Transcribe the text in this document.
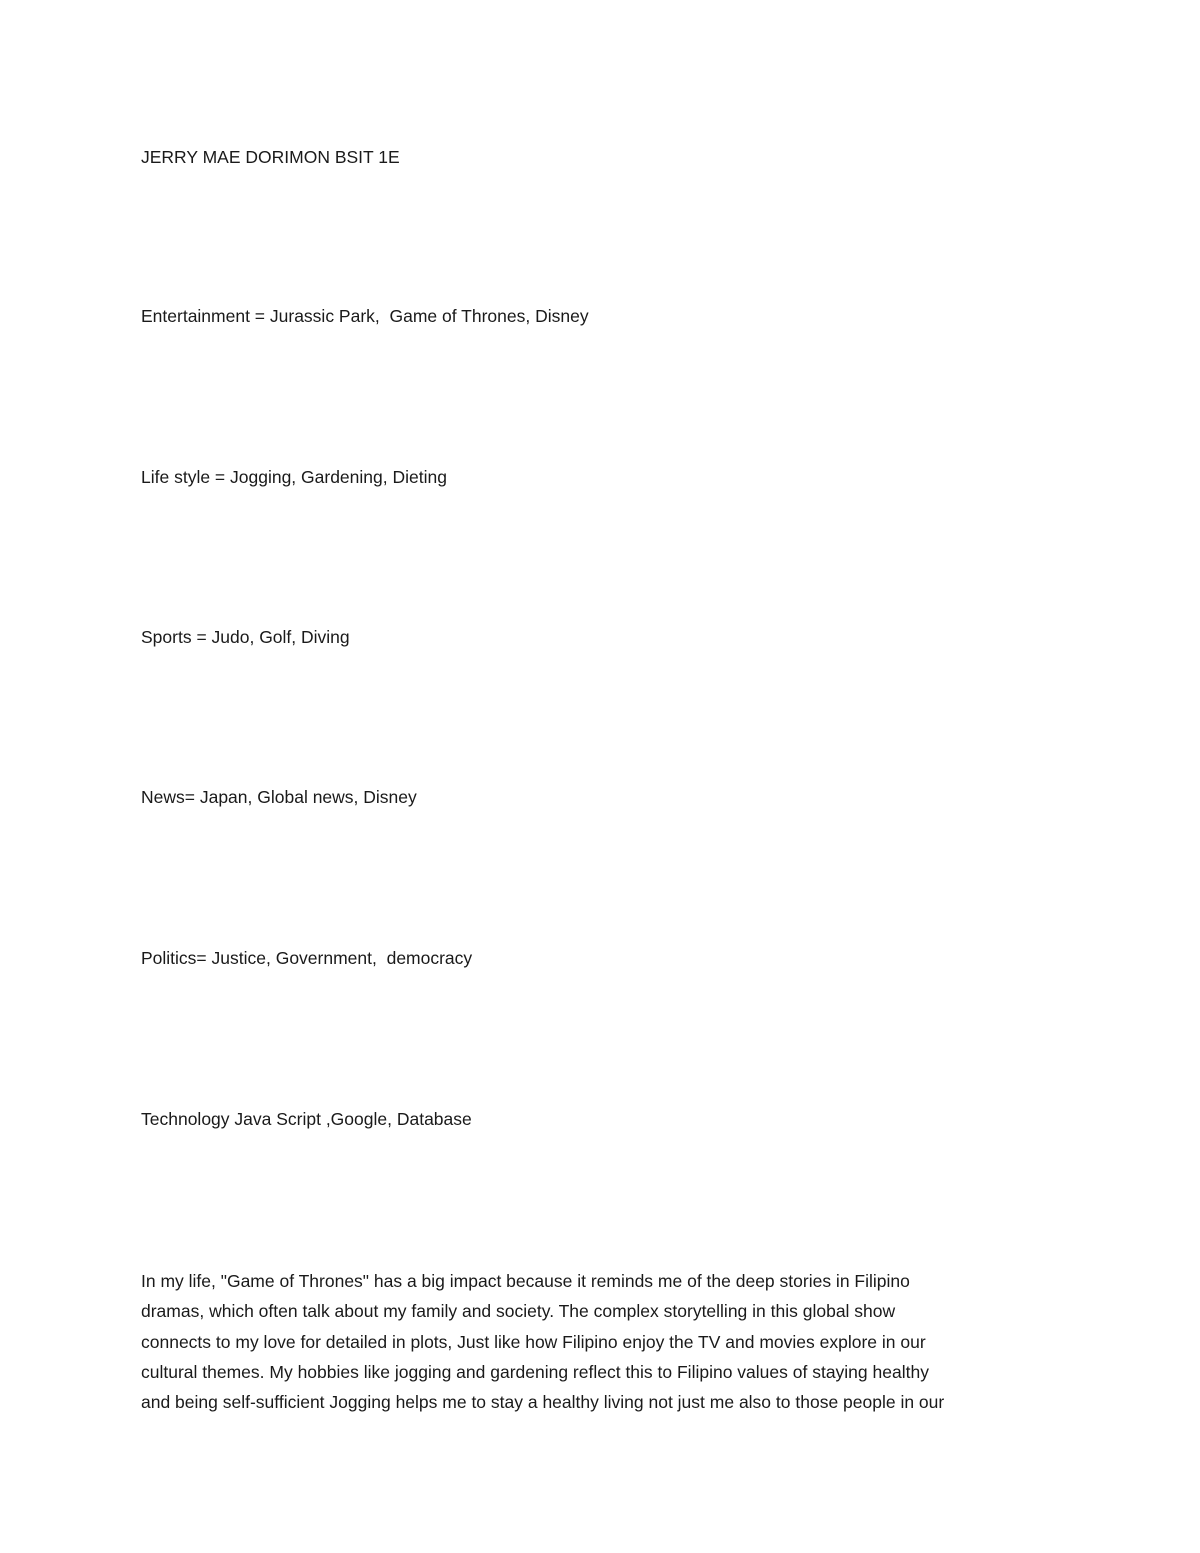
JERRY MAE DORIMON BSIT 1E

Entertainment = Jurassic Park,  Game of Thrones, Disney

Life style = Jogging, Gardening, Dieting

Sports = Judo, Golf, Diving

News= Japan, Global news, Disney

Politics= Justice, Government,  democracy

Technology Java Script ,Google, Database

In my life, "Game of Thrones" has a big impact because it reminds me of the deep stories in Filipino
dramas, which often talk about my family and society. The complex storytelling in this global show
connects to my love for detailed in plots, Just like how Filipino enjoy the TV and movies explore in our
cultural themes. My hobbies like jogging and gardening reflect this to Filipino values of staying healthy
and being self-sufficient Jogging helps me to stay a healthy living not just me also to those people in our
